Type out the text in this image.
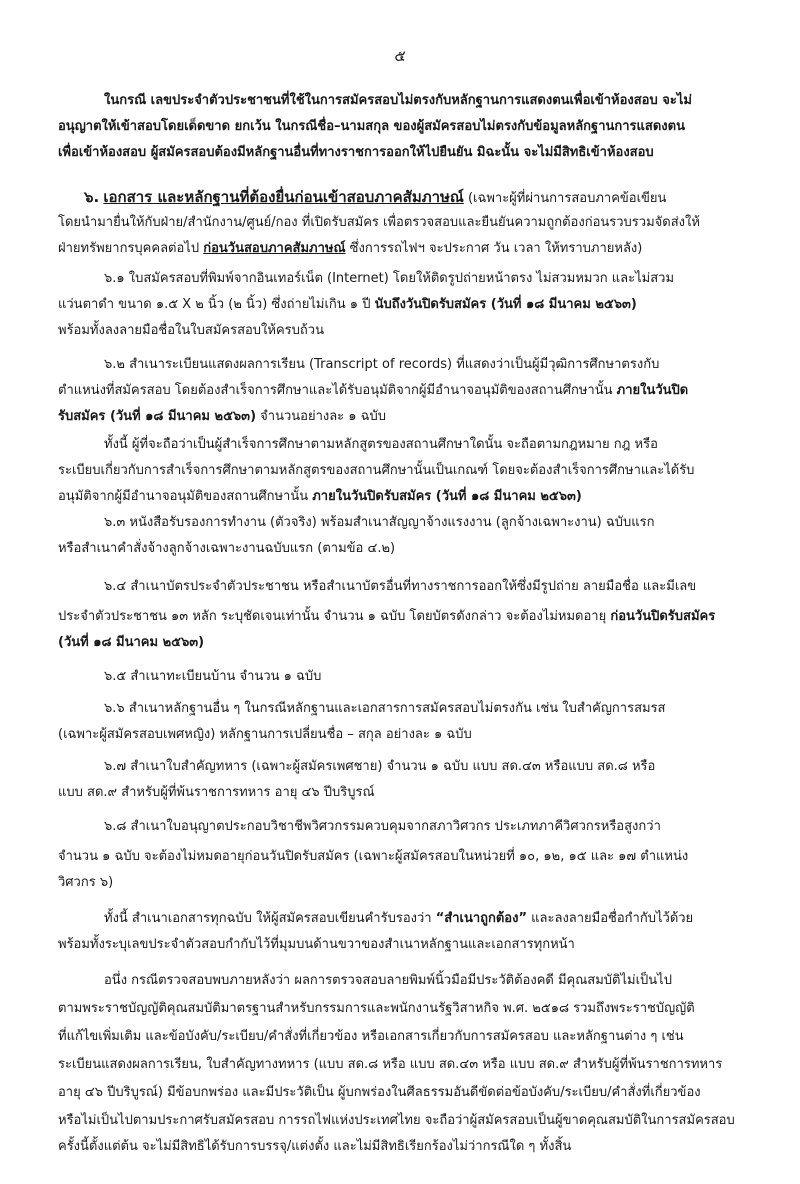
๕
ในกรณี เลขประจำตัวประชาชนที่ใช้ในการสมัครสอบไม่ตรงกับหลักฐานการแสดงตนเพื่อเข้าห้องสอบ จะไม่
อนุญาตให้เข้าสอบโดยเด็ดขาด ยกเว้น ในกรณีชื่อ–นามสกุล ของผู้สมัครสอบไม่ตรงกับข้อมูลหลักฐานการแสดงตน
เพื่อเข้าห้องสอบ ผู้สมัครสอบต้องมีหลักฐานอื่นที่ทางราชการออกให้ไปยืนยัน มิฉะนั้น จะไม่มีสิทธิเข้าห้องสอบ
๖. เอกสาร และหลักฐานที่ต้องยื่นก่อนเข้าสอบภาคสัมภาษณ์ (เฉพาะผู้ที่ผ่านการสอบภาคข้อเขียน
โดยนำมายื่นให้กับฝ่าย/สำนักงาน/ศูนย์/กอง ที่เปิดรับสมัคร เพื่อตรวจสอบและยืนยันความถูกต้องก่อนรวบรวมจัดส่งให้
ฝ่ายทรัพยากรบุคคลต่อไป ก่อนวันสอบภาคสัมภาษณ์ ซึ่งการรถไฟฯ จะประกาศ วัน เวลา ให้ทราบภายหลัง)
๖.๑ ใบสมัครสอบที่พิมพ์จากอินเทอร์เน็ต (Internet) โดยให้ติดรูปถ่ายหน้าตรง ไม่สวมหมวก และไม่สวม
แว่นตาดำ ขนาด ๑.๕ X ๒ นิ้ว (๒ นิ้ว) ซึ่งถ่ายไม่เกิน ๑ ปี นับถึงวันปิดรับสมัคร (วันที่ ๑๘ มีนาคม ๒๕๖๓)
พร้อมทั้งลงลายมือชื่อในใบสมัครสอบให้ครบถ้วน
๖.๒ สำเนาระเบียนแสดงผลการเรียน (Transcript of records) ที่แสดงว่าเป็นผู้มีวุฒิการศึกษาตรงกับ
ตำแหน่งที่สมัครสอบ โดยต้องสำเร็จการศึกษาและได้รับอนุมัติจากผู้มีอำนาจอนุมัติของสถานศึกษานั้น ภายในวันปิด
รับสมัคร (วันที่ ๑๘ มีนาคม ๒๕๖๓) จำนวนอย่างละ ๑ ฉบับ
ทั้งนี้ ผู้ที่จะถือว่าเป็นผู้สำเร็จการศึกษาตามหลักสูตรของสถานศึกษาใดนั้น จะถือตามกฎหมาย กฎ หรือ
ระเบียบเกี่ยวกับการสำเร็จการศึกษาตามหลักสูตรของสถานศึกษานั้นเป็นเกณฑ์ โดยจะต้องสำเร็จการศึกษาและได้รับ
อนุมัติจากผู้มีอำนาจอนุมัติของสถานศึกษานั้น ภายในวันปิดรับสมัคร (วันที่ ๑๘ มีนาคม ๒๕๖๓)
๖.๓ หนังสือรับรองการทำงาน (ตัวจริง) พร้อมสำเนาสัญญาจ้างแรงงาน (ลูกจ้างเฉพาะงาน) ฉบับแรก
หรือสำเนาคำสั่งจ้างลูกจ้างเฉพาะงานฉบับแรก (ตามข้อ ๔.๒)
๖.๔ สำเนาบัตรประจำตัวประชาชน หรือสำเนาบัตรอื่นที่ทางราชการออกให้ซึ่งมีรูปถ่าย ลายมือชื่อ และมีเลข
ประจำตัวประชาชน ๑๓ หลัก ระบุชัดเจนเท่านั้น จำนวน ๑ ฉบับ โดยบัตรดังกล่าว จะต้องไม่หมดอายุ ก่อนวันปิดรับสมัคร
(วันที่ ๑๘ มีนาคม ๒๕๖๓)
๖.๕ สำเนาทะเบียนบ้าน จำนวน ๑ ฉบับ
๖.๖ สำเนาหลักฐานอื่น ๆ ในกรณีหลักฐานและเอกสารการสมัครสอบไม่ตรงกัน เช่น ใบสำคัญการสมรส
(เฉพาะผู้สมัครสอบเพศหญิง) หลักฐานการเปลี่ยนชื่อ – สกุล อย่างละ ๑ ฉบับ
๖.๗ สำเนาใบสำคัญทหาร (เฉพาะผู้สมัครเพศชาย) จำนวน ๑ ฉบับ แบบ สด.๔๓ หรือแบบ สด.๘ หรือ
แบบ สด.๙ สำหรับผู้ที่พ้นราชการทหาร อายุ ๔๖ ปีบริบูรณ์
๖.๘ สำเนาใบอนุญาตประกอบวิชาชีพวิศวกรรมควบคุมจากสภาวิศวกร ประเภทภาคีวิศวกรหรือสูงกว่า
จำนวน ๑ ฉบับ จะต้องไม่หมดอายุก่อนวันปิดรับสมัคร (เฉพาะผู้สมัครสอบในหน่วยที่ ๑๐, ๑๒, ๑๕ และ ๑๗ ตำแหน่ง
วิศวกร ๖)
ทั้งนี้ สำเนาเอกสารทุกฉบับ ให้ผู้สมัครสอบเขียนคำรับรองว่า “สำเนาถูกต้อง” และลงลายมือชื่อกำกับไว้ด้วย
พร้อมทั้งระบุเลขประจำตัวสอบกำกับไว้ที่มุมบนด้านขวาของสำเนาหลักฐานและเอกสารทุกหน้า
อนึ่ง กรณีตรวจสอบพบภายหลังว่า ผลการตรวจสอบลายพิมพ์นิ้วมือมีประวัติต้องคดี มีคุณสมบัติไม่เป็นไป
ตามพระราชบัญญัติคุณสมบัติมาตรฐานสำหรับกรรมการและพนักงานรัฐวิสาหกิจ พ.ศ. ๒๕๑๘ รวมถึงพระราชบัญญัติ
ที่แก้ไขเพิ่มเติม และข้อบังคับ/ระเบียบ/คำสั่งที่เกี่ยวข้อง หรือเอกสารเกี่ยวกับการสมัครสอบ และหลักฐานต่าง ๆ เช่น
ระเบียนแสดงผลการเรียน, ใบสำคัญทางทหาร (แบบ สด.๘ หรือ แบบ สด.๔๓ หรือ แบบ สด.๙ สำหรับผู้ที่พ้นราชการทหาร
อายุ ๔๖ ปีบริบูรณ์) มีข้อบกพร่อง และมีประวัติเป็น ผู้บกพร่องในศีลธรรมอันดีขัดต่อข้อบังคับ/ระเบียบ/คำสั่งที่เกี่ยวข้อง
หรือไม่เป็นไปตามประกาศรับสมัครสอบ การรถไฟแห่งประเทศไทย จะถือว่าผู้สมัครสอบเป็นผู้ขาดคุณสมบัติในการสมัครสอบ
ครั้งนี้ตั้งแต่ต้น จะไม่มีสิทธิได้รับการบรรจุ/แต่งตั้ง และไม่มีสิทธิเรียกร้องไม่ว่ากรณีใด ๆ ทั้งสิ้น
